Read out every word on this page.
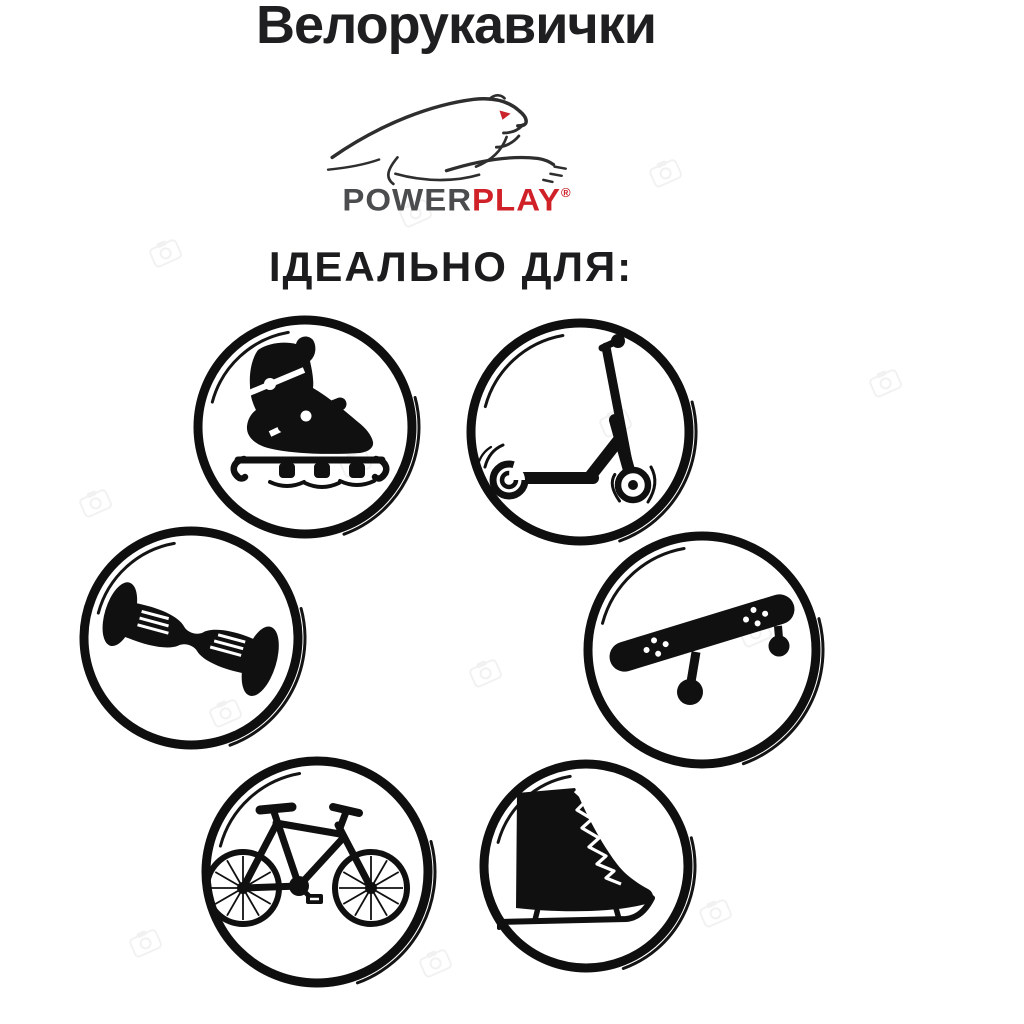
Велорукавички
POWERPLAY®
ІДЕАЛЬНО ДЛЯ:
